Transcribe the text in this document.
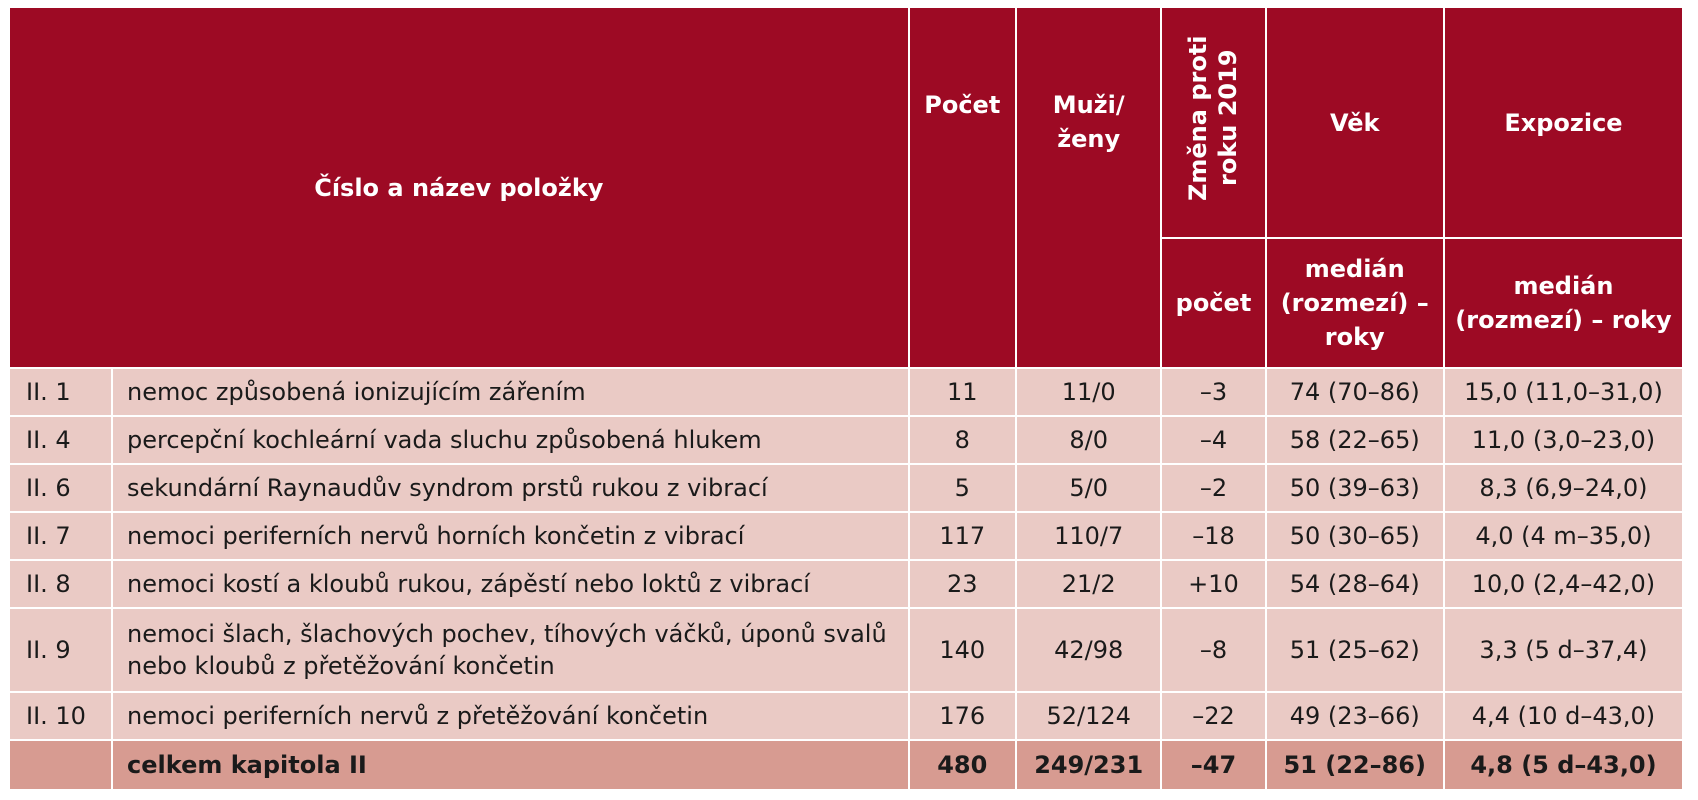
Číslo a název položky		Počet	Muži/ ženy	Změna proti roku 2019	Věk	Expozice
				počet	medián (rozmezí) – roky	medián (rozmezí) – roky
II. 1	nemoc způsobená ionizujícím zářením	11	11/0	–3	74 (70–86)	15,0 (11,0–31,0)
II. 4	percepční kochleární vada sluchu způsobená hlukem	8	8/0	–4	58 (22–65)	11,0 (3,0–23,0)
II. 6	sekundární Raynaudův syndrom prstů rukou z vibrací	5	5/0	–2	50 (39–63)	8,3 (6,9–24,0)
II. 7	nemoci periferních nervů horních končetin z vibrací	117	110/7	–18	50 (30–65)	4,0 (4 m–35,0)
II. 8	nemoci kostí a kloubů rukou, zápěstí nebo loktů z vibrací	23	21/2	+10	54 (28–64)	10,0 (2,4–42,0)
II. 9	nemoci šlach, šlachových pochev, tíhových váčků, úponů svalů nebo kloubů z přetěžování končetin	140	42/98	–8	51 (25–62)	3,3 (5 d–37,4)
II. 10	nemoci periferních nervů z přetěžování končetin	176	52/124	–22	49 (23–66)	4,4 (10 d–43,0)
	celkem kapitola II	480	249/231	–47	51 (22–86)	4,8 (5 d–43,0)
